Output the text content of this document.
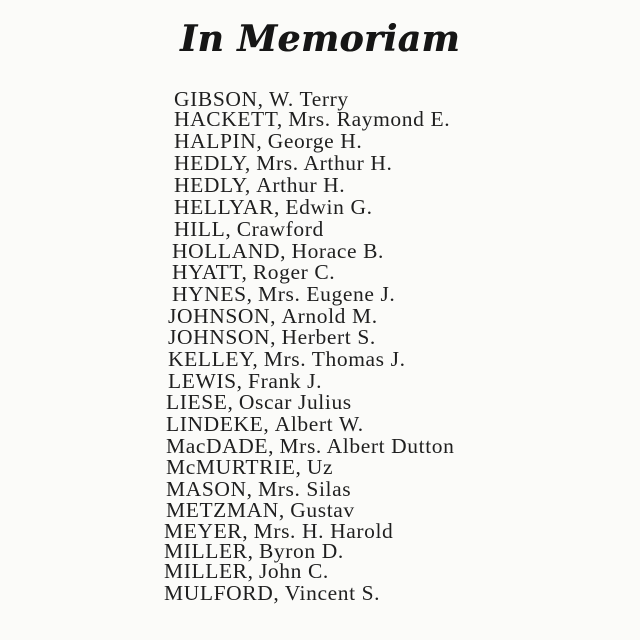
In Memoriam
GIBSON, W. Terry
HACKETT, Mrs. Raymond E.
HALPIN, George H.
HEDLY, Mrs. Arthur H.
HEDLY, Arthur H.
HELLYAR, Edwin G.
HILL, Crawford
HOLLAND, Horace B.
HYATT, Roger C.
HYNES, Mrs. Eugene J.
JOHNSON, Arnold M.
JOHNSON, Herbert S.
KELLEY, Mrs. Thomas J.
LEWIS, Frank J.
LIESE, Oscar Julius
LINDEKE, Albert W.
MacDADE, Mrs. Albert Dutton
McMURTRIE, Uz
MASON, Mrs. Silas
METZMAN, Gustav
MEYER, Mrs. H. Harold
MILLER, Byron D.
MILLER, John C.
MULFORD, Vincent S.
